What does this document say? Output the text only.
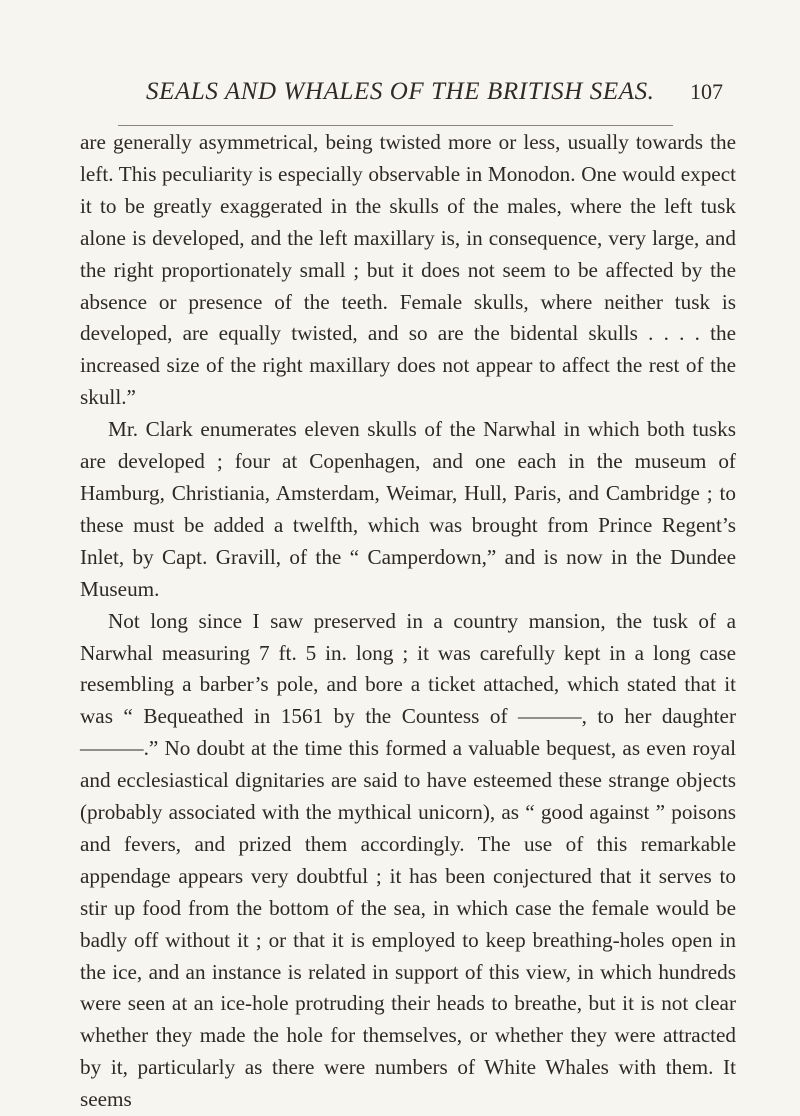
SEALS AND WHALES OF THE BRITISH SEAS. 107

are generally asymmetrical, being twisted more or less, usually towards the left. This peculiarity is especially observable in Monodon. One would expect it to be greatly exaggerated in the skulls of the males, where the left tusk alone is developed, and the left maxillary is, in consequence, very large, and the right proportionately small ; but it does not seem to be affected by the absence or presence of the teeth. Female skulls, where neither tusk is developed, are equally twisted, and so are the bidental skulls . . . . the increased size of the right maxillary does not appear to affect the rest of the skull.”

Mr. Clark enumerates eleven skulls of the Narwhal in which both tusks are developed ; four at Copenhagen, and one each in the museum of Hamburg, Christiania, Amsterdam, Weimar, Hull, Paris, and Cambridge ; to these must be added a twelfth, which was brought from Prince Regent’s Inlet, by Capt. Gravill, of the “ Camperdown,” and is now in the Dundee Museum.

Not long since I saw preserved in a country mansion, the tusk of a Narwhal measuring 7 ft. 5 in. long ; it was carefully kept in a long case resembling a barber’s pole, and bore a ticket attached, which stated that it was “ Bequeathed in 1561 by the Countess of ———, to her daughter ———.” No doubt at the time this formed a valuable bequest, as even royal and ecclesiastical dignitaries are said to have esteemed these strange objects (probably associated with the mythical unicorn), as “ good against ” poisons and fevers, and prized them accordingly. The use of this remarkable appendage appears very doubtful ; it has been conjectured that it serves to stir up food from the bottom of the sea, in which case the female would be badly off without it ; or that it is employed to keep breathing-holes open in the ice, and an instance is related in support of this view, in which hundreds were seen at an ice-hole protruding their heads to breathe, but it is not clear whether they made the hole for themselves, or whether they were attracted by it, particularly as there were numbers of White Whales with them. It seems
